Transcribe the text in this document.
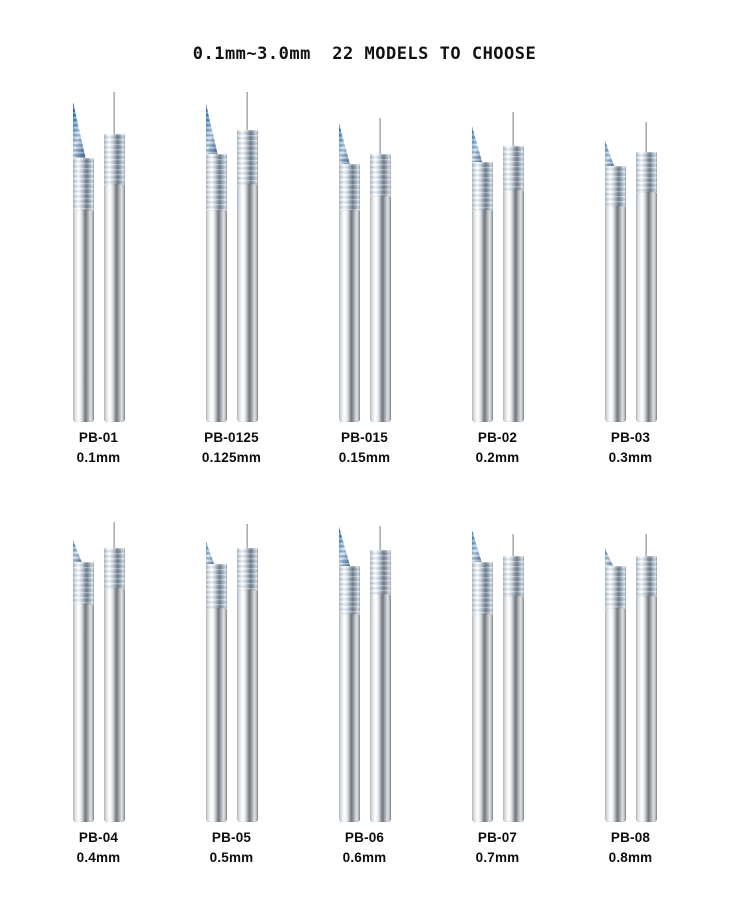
0.1mm~3.0mm  22 MODELS TO CHOOSE
PB-01
0.1mm
PB-0125
0.125mm
PB-015
0.15mm
PB-02
0.2mm
PB-03
0.3mm
PB-04
0.4mm
PB-05
0.5mm
PB-06
0.6mm
PB-07
0.7mm
PB-08
0.8mm
